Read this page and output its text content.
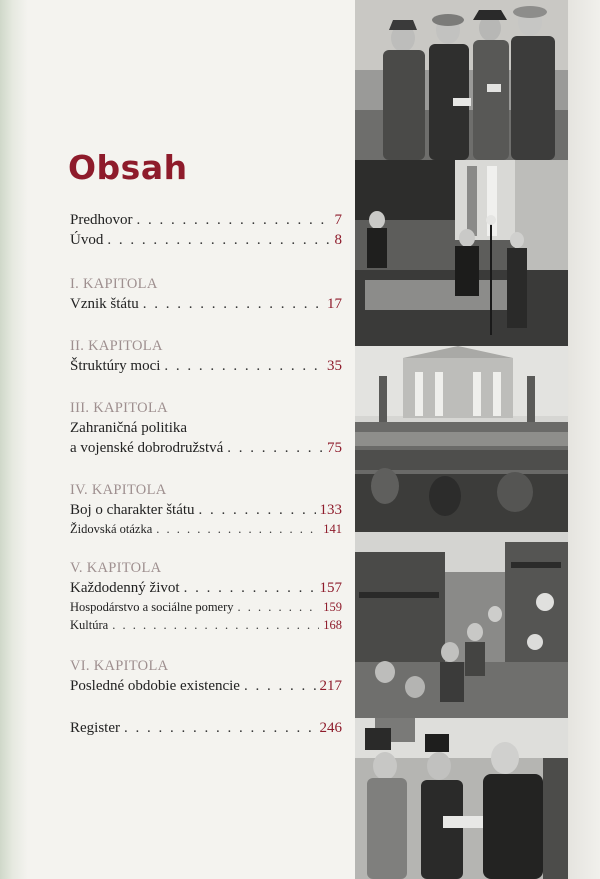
Obsah
Predhovor . . .	7
Úvod . . .	8
I. KAPITOLA
Vznik štátu . . .	17
II. KAPITOLA
Štruktúry moci . . .	35
III. KAPITOLA
Zahraničná politika
a vojenské dobrodružstvá . . .	75
IV. KAPITOLA
Boj o charakter štátu . . .	133
Židovská otázka . . .	141
V. KAPITOLA
Každodenný život . . .	157
Hospodárstvo a sociálne pomery . . .	159
Kultúra . . .	168
VI. KAPITOLA
Posledné obdobie existencie . . .	217
Register . . .	246
